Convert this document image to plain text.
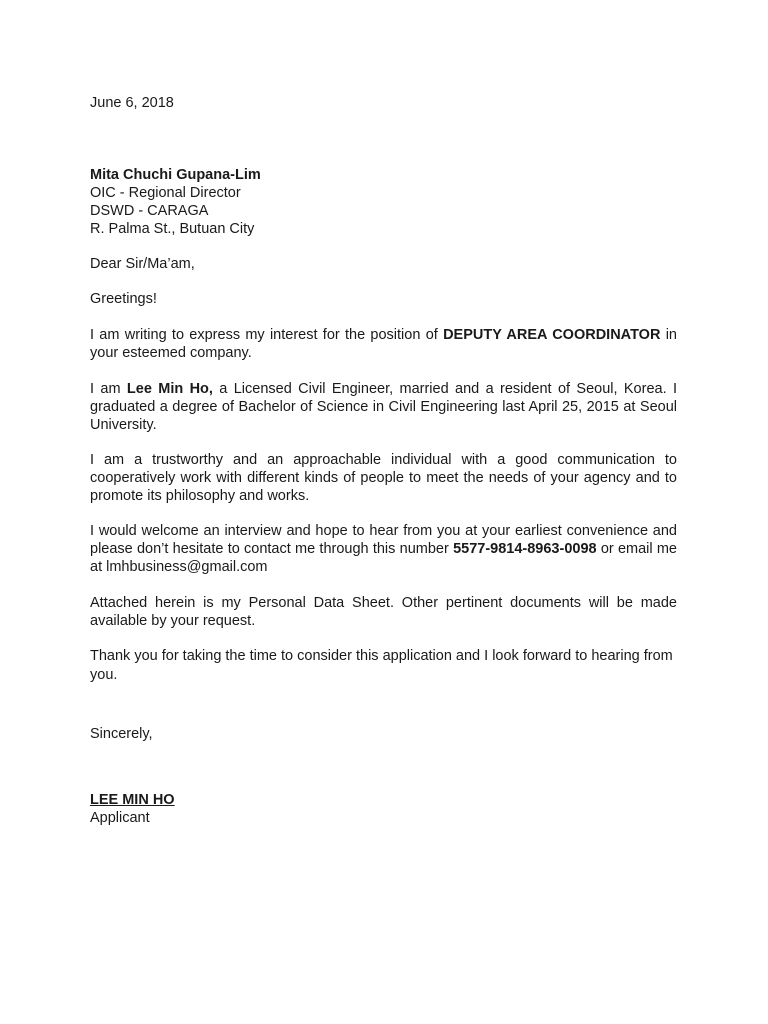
June 6, 2018
Mita Chuchi Gupana-Lim
OIC - Regional Director
DSWD - CARAGA
R. Palma St., Butuan City
Dear Sir/Ma’am,
Greetings!
I am writing to express my interest for the position of DEPUTY AREA COORDINATOR in your esteemed company.
I am Lee Min Ho, a Licensed Civil Engineer, married and a resident of Seoul, Korea. I graduated a degree of Bachelor of Science in Civil Engineering last April 25, 2015 at Seoul University.
I am a trustworthy and an approachable individual with a good communication to cooperatively work with different kinds of people to meet the needs of your agency and to promote its philosophy and works.
I would welcome an interview and hope to hear from you at your earliest convenience and please don’t hesitate to contact me through this number 5577-9814-8963-0098 or email me at lmhbusiness@gmail.com
Attached herein is my Personal Data Sheet. Other pertinent documents will be made available by your request.
Thank you for taking the time to consider this application and I look forward to hearing from you.
Sincerely,
LEE MIN HO
Applicant
